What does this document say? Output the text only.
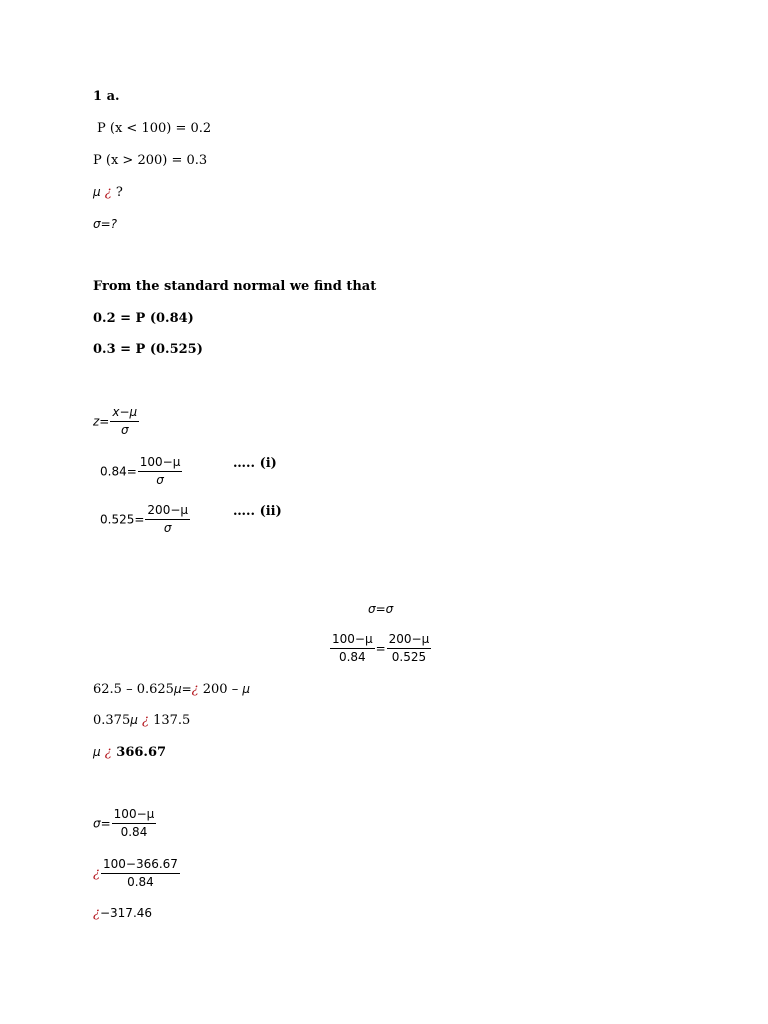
1 a.
P (x < 100) = 0.2
P (x > 200) = 0.3
μ ¿ ?
σ=?
From the standard normal we find that
0.2 = P (0.84)
0.3 = P (0.525)
$z= \frac{x-\mu}{\sigma}$
$0.84= \frac{100-\mu}{\sigma}$	….. (i)
$0.525= \frac{200-\mu}{\sigma}$	….. (ii)
σ=σ
$\frac{100-\mu}{0.84} = \frac{200-\mu}{0.525}$
62.5 – 0.625μ=¿ 200 – μ
0.375μ ¿ 137.5
μ ¿ 366.67
$\sigma= \frac{100-\mu}{0.84}$
¿ $\frac{100-366.67}{0.84}$
¿−317.46
